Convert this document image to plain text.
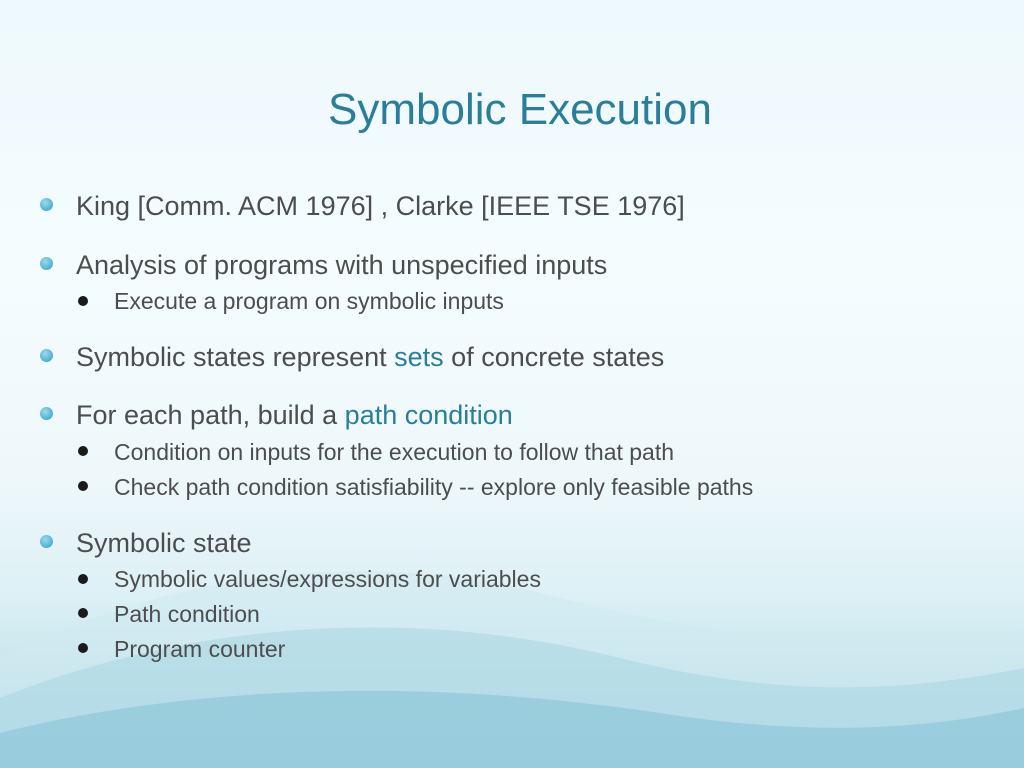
Symbolic Execution
King [Comm. ACM 1976] , Clarke [IEEE TSE 1976]
Analysis of programs with unspecified inputs
Execute a program on symbolic inputs
Symbolic states represent sets of concrete states
For each path, build a path condition
Condition on inputs for the execution to follow that path
Check path condition satisfiability -- explore only feasible paths
Symbolic state
Symbolic values/expressions for variables
Path condition
Program counter
